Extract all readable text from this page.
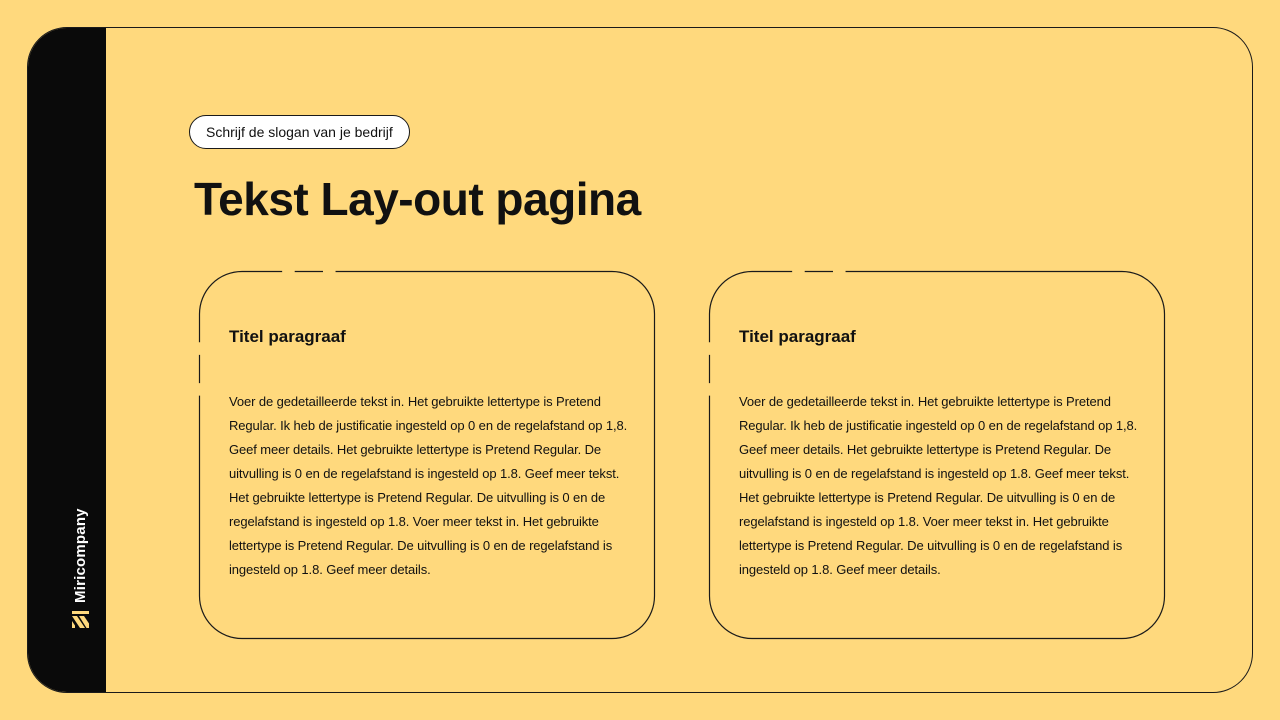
Miricompany
Schrijf de slogan van je bedrijf
Tekst Lay-out pagina
Titel paragraaf

Voer de gedetailleerde tekst in. Het gebruikte lettertype is Pretend Regular. Ik heb de justificatie ingesteld op 0 en de regelafstand op 1,8. Geef meer details. Het gebruikte lettertype is Pretend Regular. De uitvulling is 0 en de regelafstand is ingesteld op 1.8. Geef meer tekst. Het gebruikte lettertype is Pretend Regular. De uitvulling is 0 en de regelafstand is ingesteld op 1.8. Voer meer tekst in. Het gebruikte lettertype is Pretend Regular. De uitvulling is 0 en de regelafstand is ingesteld op 1.8. Geef meer details.

Titel paragraaf

Voer de gedetailleerde tekst in. Het gebruikte lettertype is Pretend Regular. Ik heb de justificatie ingesteld op 0 en de regelafstand op 1,8. Geef meer details. Het gebruikte lettertype is Pretend Regular. De uitvulling is 0 en de regelafstand is ingesteld op 1.8. Geef meer tekst. Het gebruikte lettertype is Pretend Regular. De uitvulling is 0 en de regelafstand is ingesteld op 1.8. Voer meer tekst in. Het gebruikte lettertype is Pretend Regular. De uitvulling is 0 en de regelafstand is ingesteld op 1.8. Geef meer details.
